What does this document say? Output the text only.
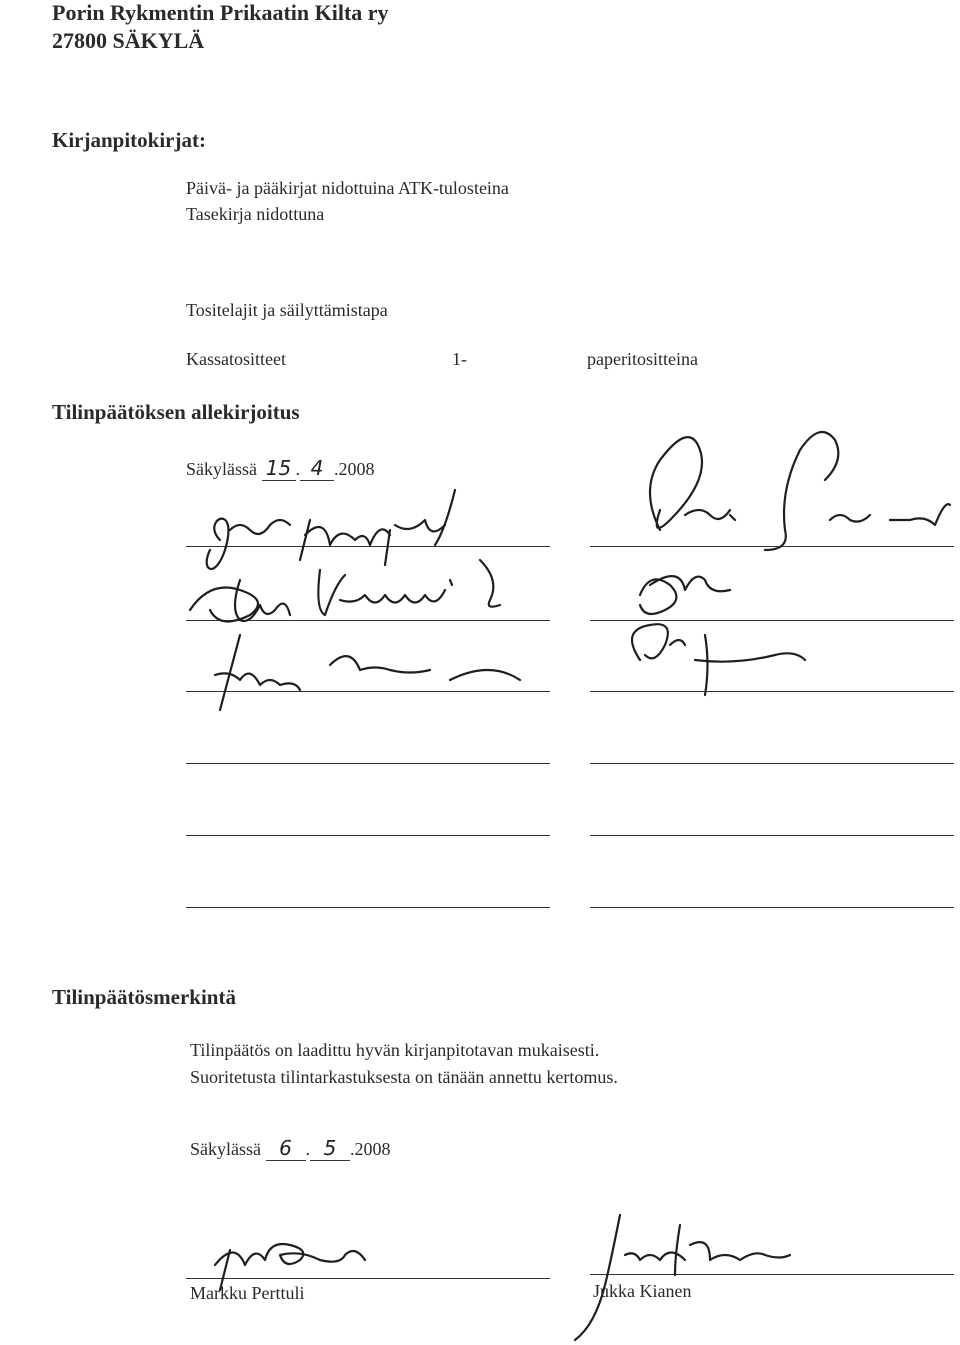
Porin Rykmentin Prikaatin Kilta ry
27800 SÄKYLÄ
Kirjanpitokirjat:
Päivä- ja pääkirjat nidottuina ATK-tulosteina
Tasekirja nidottuna
Tositelajit ja säilyttämistapa
Kassatositteet	1-	paperitositteina
Tilinpäätöksen allekirjoitus
Säkylässä 15 . 4 .2008
Tilinpäätösmerkintä
Tilinpäätös on laadittu hyvän kirjanpitotavan mukaisesti.
Suoritetusta tilintarkastuksesta on tänään annettu kertomus.
Säkylässä 6 . 5 .2008
Markku Perttuli	Jukka Kianen
